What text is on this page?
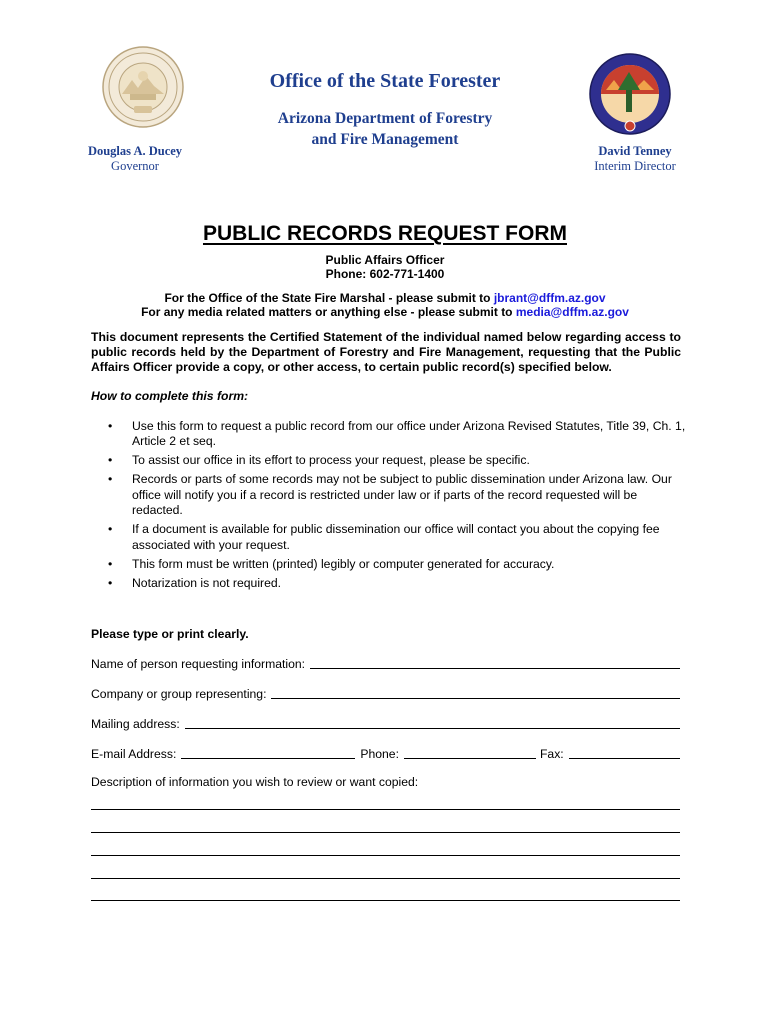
Office of the State Forester
Arizona Department of Forestry
and Fire Management
Douglas A. Ducey
Governor
David Tenney
Interim Director
PUBLIC RECORDS REQUEST FORM
Public Affairs Officer
Phone: 602-771-1400
For the Office of the State Fire Marshal - please submit to jbrant@dffm.az.gov
For any media related matters or anything else - please submit to media@dffm.az.gov
This document represents the Certified Statement of the individual named below regarding access to public records held by the Department of Forestry and Fire Management, requesting that the Public Affairs Officer provide a copy, or other access, to certain public record(s) specified below.
How to complete this form:
• Use this form to request a public record from our office under Arizona Revised Statutes, Title 39, Ch. 1, Article 2 et seq.
• To assist our office in its effort to process your request, please be specific.
• Records or parts of some records may not be subject to public dissemination under Arizona law. Our office will notify you if a record is restricted under law or if parts of the record requested will be redacted.
• If a document is available for public dissemination our office will contact you about the copying fee associated with your request.
• This form must be written (printed) legibly or computer generated for accuracy.
• Notarization is not required.
Please type or print clearly.
Name of person requesting information:
Company or group representing:
Mailing address:
E-mail Address:	Phone:	Fax:
Description of information you wish to review or want copied:
